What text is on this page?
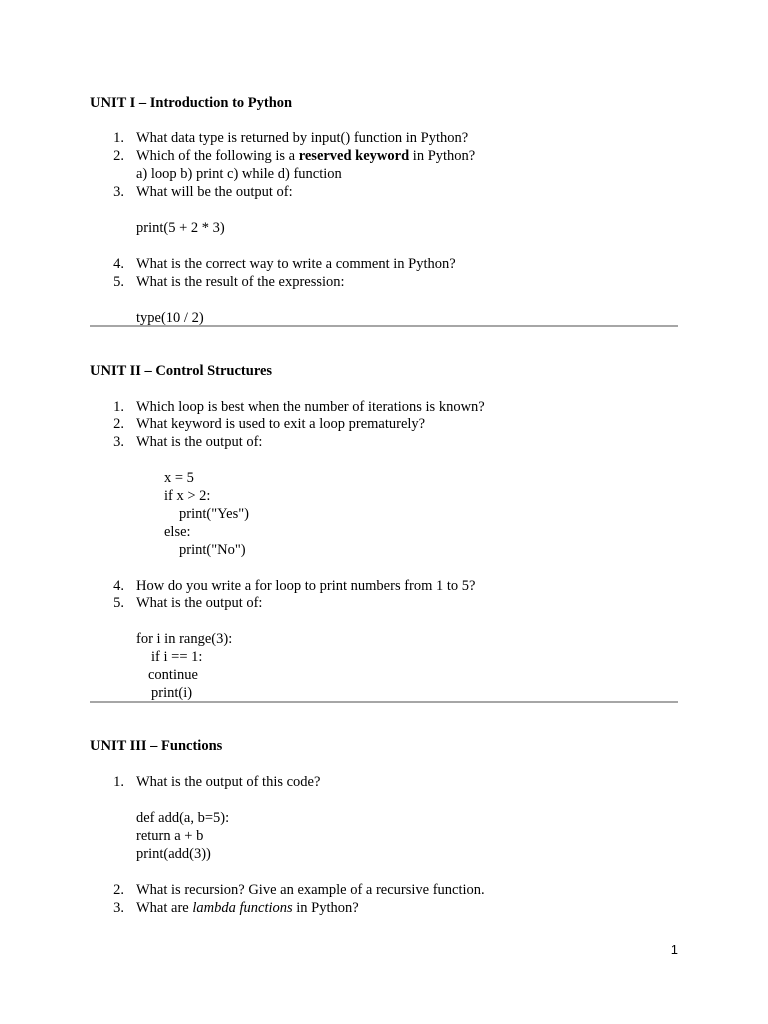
UNIT I – Introduction to Python
1. What data type is returned by input() function in Python?
2. Which of the following is a reserved keyword in Python?
a) loop b) print c) while d) function
3. What will be the output of:
print(5 + 2 * 3)
4. What is the correct way to write a comment in Python?
5. What is the result of the expression:
type(10 / 2)
UNIT II – Control Structures
1. Which loop is best when the number of iterations is known?
2. What keyword is used to exit a loop prematurely?
3. What is the output of:
x = 5
if x > 2:
print("Yes")
else:
print("No")
4. How do you write a for loop to print numbers from 1 to 5?
5. What is the output of:
for i in range(3):
if i == 1:
continue
print(i)
UNIT III – Functions
1. What is the output of this code?
def add(a, b=5):
return a + b
print(add(3))
2. What is recursion? Give an example of a recursive function.
3. What are lambda functions in Python?
1
